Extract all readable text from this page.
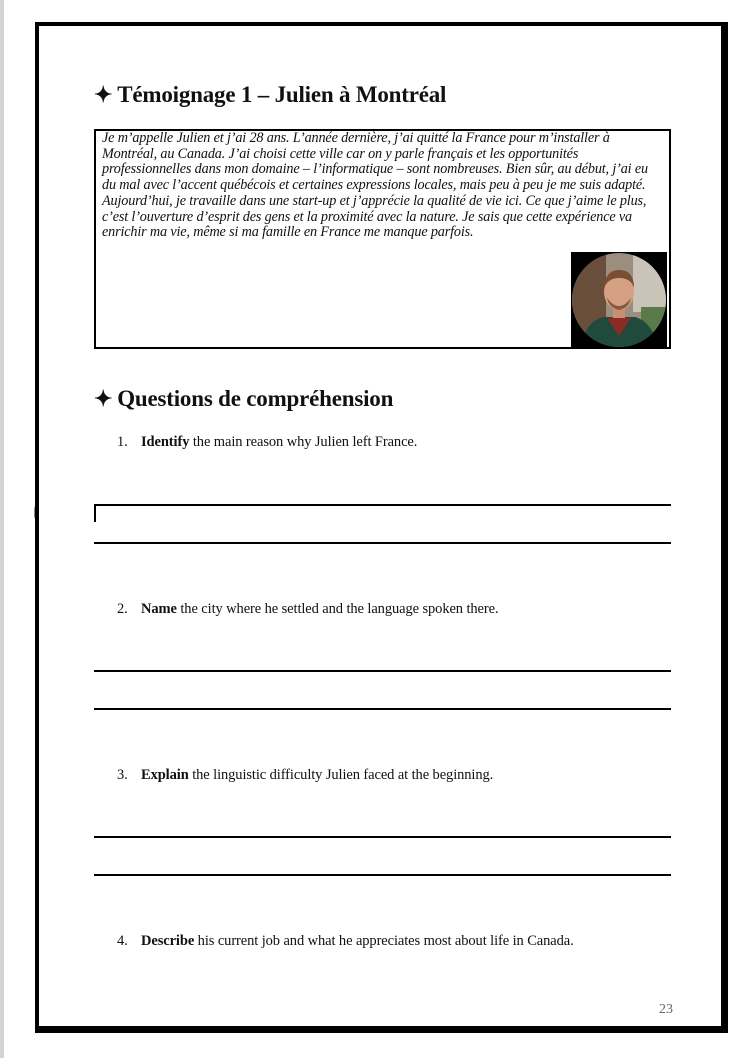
✦ Témoignage 1 – Julien à Montréal
Je m’appelle Julien et j’ai 28 ans. L’année dernière, j’ai quitté la France pour m’installer à Montréal, au Canada. J’ai choisi cette ville car on y parle français et les opportunités professionnelles dans mon domaine – l’informatique – sont nombreuses. Bien sûr, au début, j’ai eu du mal avec l’accent québécois et certaines expressions locales, mais peu à peu je me suis adapté. Aujourd’hui, je travaille dans une start-up et j’apprécie la qualité de vie ici. Ce que j’aime le plus, c’est l’ouverture d’esprit des gens et la proximité avec la nature. Je sais que cette expérience va enrichir ma vie, même si ma famille en France me manque parfois.
✦ Questions de compréhension
1. Identify the main reason why Julien left France.
2. Name the city where he settled and the language spoken there.
3. Explain the linguistic difficulty Julien faced at the beginning.
4. Describe his current job and what he appreciates most about life in Canada.
23
